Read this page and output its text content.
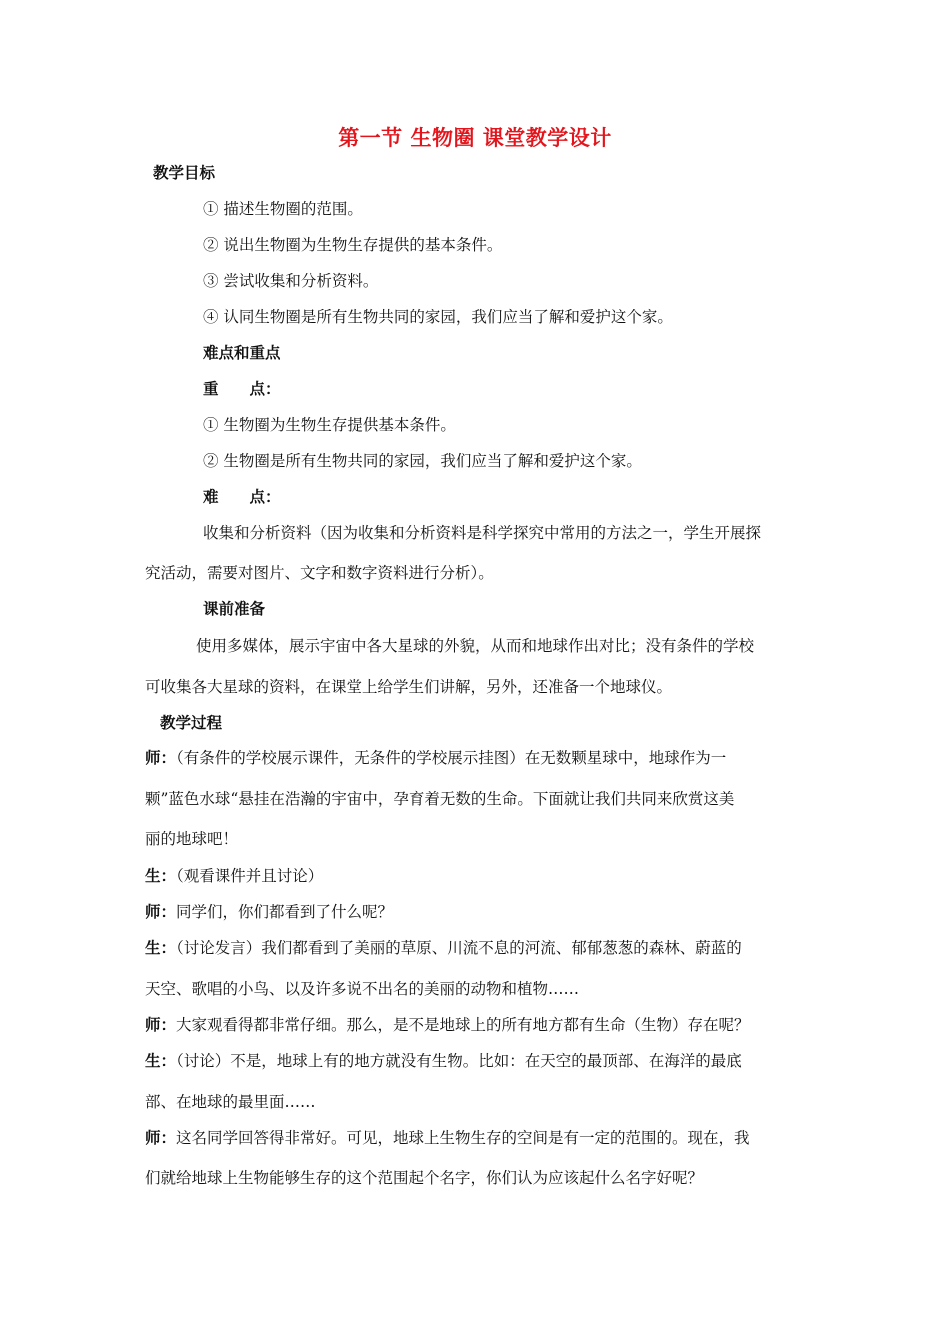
第一节 生物圈 课堂教学设计
教学目标
① 描述生物圈的范围。
② 说出生物圈为生物生存提供的基本条件。
③ 尝试收集和分析资料。
④ 认同生物圈是所有生物共同的家园，我们应当了解和爱护这个家。
难点和重点
重　　点：
① 生物圈为生物生存提供基本条件。
② 生物圈是所有生物共同的家园，我们应当了解和爱护这个家。
难　　点：
收集和分析资料（因为收集和分析资料是科学探究中常用的方法之一，学生开展探
究活动，需要对图片、文字和数字资料进行分析）。
课前准备
使用多媒体，展示宇宙中各大星球的外貌，从而和地球作出对比；没有条件的学校
可收集各大星球的资料，在课堂上给学生们讲解，另外，还准备一个地球仪。
教学过程
师：（有条件的学校展示课件，无条件的学校展示挂图）在无数颗星球中，地球作为一
颗”蓝色水球“悬挂在浩瀚的宇宙中，孕育着无数的生命。下面就让我们共同来欣赏这美
丽的地球吧！
生：（观看课件并且讨论）
师：同学们，你们都看到了什么呢？
生：（讨论发言）我们都看到了美丽的草原、川流不息的河流、郁郁葱葱的森林、蔚蓝的
天空、歌唱的小鸟、以及许多说不出名的美丽的动物和植物……
师：大家观看得都非常仔细。那么，是不是地球上的所有地方都有生命（生物）存在呢？
生：（讨论）不是，地球上有的地方就没有生物。比如：在天空的最顶部、在海洋的最底
部、在地球的最里面……
师：这名同学回答得非常好。可见，地球上生物生存的空间是有一定的范围的。现在，我
们就给地球上生物能够生存的这个范围起个名字，你们认为应该起什么名字好呢？
